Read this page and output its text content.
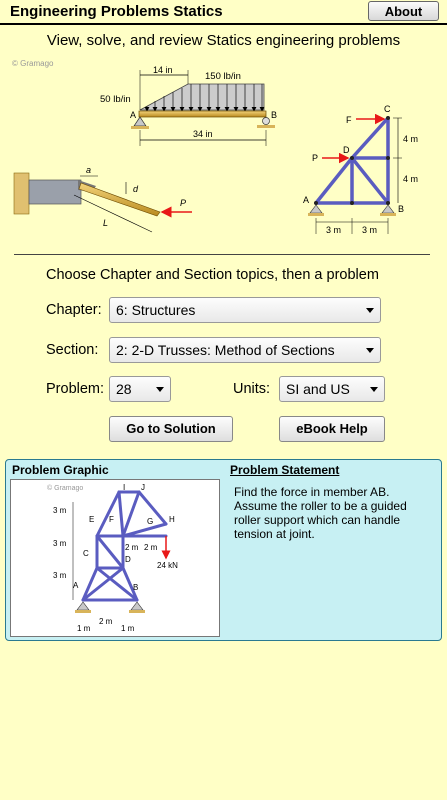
Engineering Problems Statics	About
View, solve, and review Statics engineering problems
© Gramago
14 in
150 lb/in
50 lb/in
A	B
34 in
a
d
L
P
C
F
D
P
A
B
4 m
4 m
3 m 3 m
Choose Chapter and Section topics, then a problem
Chapter:	6: Structures
Section:	2: 2-D Trusses: Method of Sections
Problem: 28	Units:	SI and US
Go to Solution	eBook Help
Problem Graphic	Problem Statement
© Gramago	I J
E F	G H
C
D
A	B
24 kN
3 m
3 m
3 m
2 m 2 m
2 m
1 m	1 m
Find the force in member AB. Assume the roller to be a guided roller support which can handle tension at joint.
